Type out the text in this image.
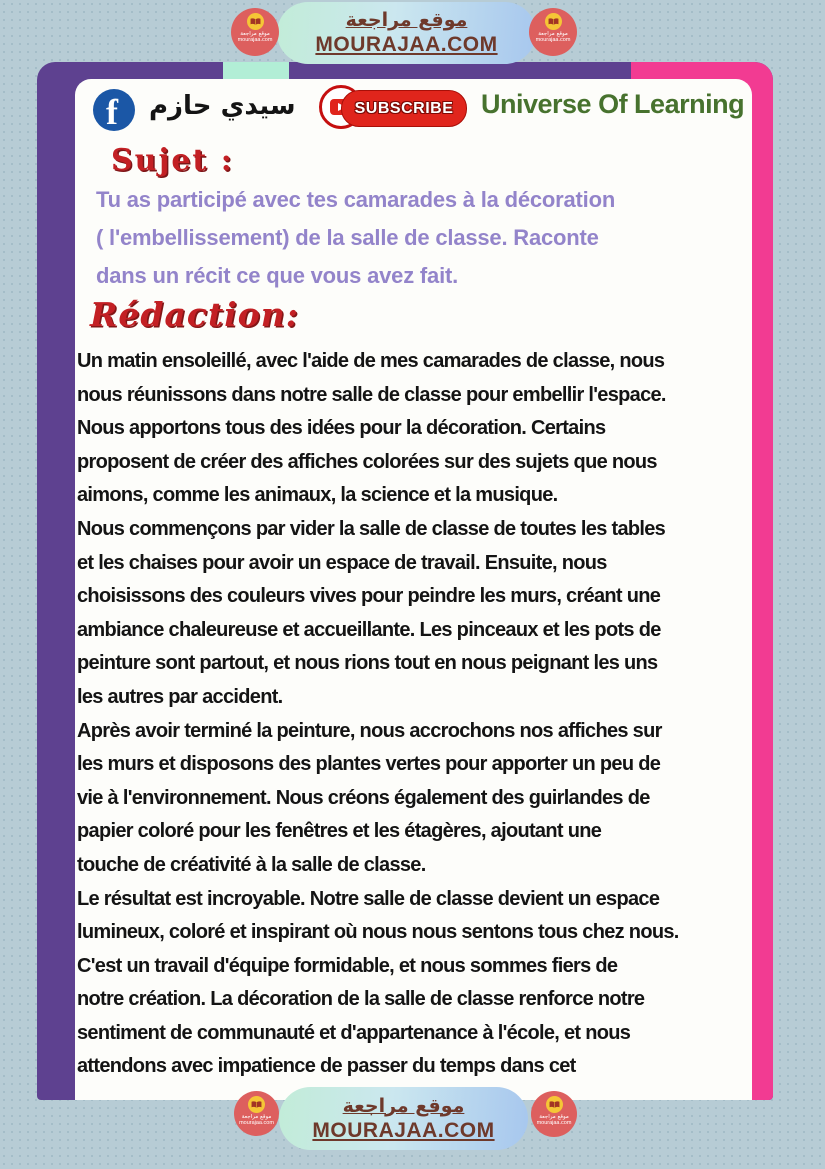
f سيدي حازم	SUBSCRIBE Universe Of Learning
Sujet :
Tu as participé avec tes camarades à la décoration
( l'embellissement) de la salle de classe. Raconte
dans un récit ce que vous avez fait.
Rédaction:
Un matin ensoleillé, avec l'aide de mes camarades de classe, nous
nous réunissons dans notre salle de classe pour embellir l'espace.
Nous apportons tous des idées pour la décoration. Certains
proposent de créer des affiches colorées sur des sujets que nous
aimons, comme les animaux, la science et la musique.
Nous commençons par vider la salle de classe de toutes les tables
et les chaises pour avoir un espace de travail. Ensuite, nous
choisissons des couleurs vives pour peindre les murs, créant une
ambiance chaleureuse et accueillante. Les pinceaux et les pots de
peinture sont partout, et nous rions tout en nous peignant les uns
les autres par accident.
Après avoir terminé la peinture, nous accrochons nos affiches sur
les murs et disposons des plantes vertes pour apporter un peu de
vie à l'environnement. Nous créons également des guirlandes de
papier coloré pour les fenêtres et les étagères, ajoutant une
touche de créativité à la salle de classe.
Le résultat est incroyable. Notre salle de classe devient un espace
lumineux, coloré et inspirant où nous nous sentons tous chez nous.
C'est un travail d'équipe formidable, et nous sommes fiers de
notre création. La décoration de la salle de classe renforce notre
sentiment de communauté et d'appartenance à l'école, et nous
attendons avec impatience de passer du temps dans cet
موقع مراجعة
MOURAJAA.COM
موقع مراجعة
mourajaa.com
موقع مراجعة
mourajaa.com
موقع مراجعة
MOURAJAA.COM
موقع مراجعة
mourajaa.com
موقع مراجعة
mourajaa.com
